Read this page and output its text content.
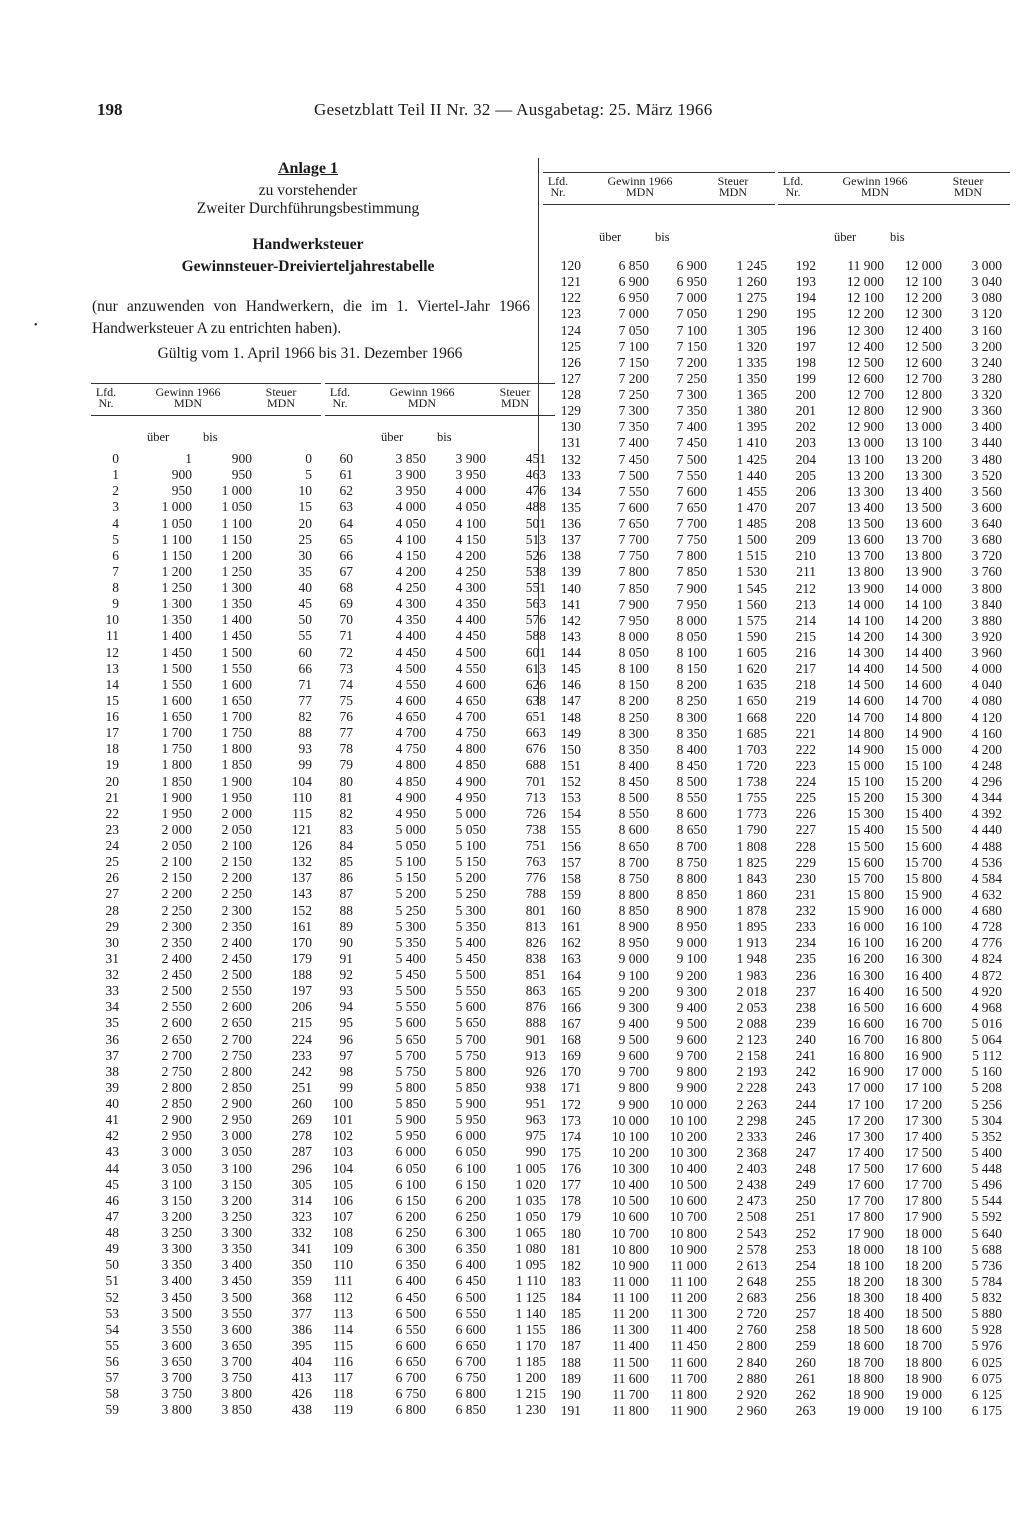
198	Gesetzblatt Teil II Nr. 32 — Ausgabetag: 25. März 1966
Anlage 1
zu vorstehender
Zweiter Durchführungsbestimmung
Handwerksteuer
Gewinnsteuer-Dreivierteljahrestabelle
(nur anzuwenden von Handwerkern, die im 1. Viertel-Jahr 1966 Handwerksteuer A zu entrichten haben).
Gültig vom 1. April 1966 bis 31. Dezember 1966
•
Lfd.
Nr.
Gewinn 1966
MDN
Steuer
MDN
über	bis
0	1	900	0
1	900	950	5
2	950	1 000	10
3	1 000	1 050	15
4	1 050	1 100	20
5	1 100	1 150	25
6	1 150	1 200	30
7	1 200	1 250	35
8	1 250	1 300	40
9	1 300	1 350	45
10	1 350	1 400	50
11	1 400	1 450	55
12	1 450	1 500	60
13	1 500	1 550	66
14	1 550	1 600	71
15	1 600	1 650	77
16	1 650	1 700	82
17	1 700	1 750	88
18	1 750	1 800	93
19	1 800	1 850	99
20	1 850	1 900	104
21	1 900	1 950	110
22	1 950	2 000	115
23	2 000	2 050	121
24	2 050	2 100	126
25	2 100	2 150	132
26	2 150	2 200	137
27	2 200	2 250	143
28	2 250	2 300	152
29	2 300	2 350	161
30	2 350	2 400	170
31	2 400	2 450	179
32	2 450	2 500	188
33	2 500	2 550	197
34	2 550	2 600	206
35	2 600	2 650	215
36	2 650	2 700	224
37	2 700	2 750	233
38	2 750	2 800	242
39	2 800	2 850	251
40	2 850	2 900	260
41	2 900	2 950	269
42	2 950	3 000	278
43	3 000	3 050	287
44	3 050	3 100	296
45	3 100	3 150	305
46	3 150	3 200	314
47	3 200	3 250	323
48	3 250	3 300	332
49	3 300	3 350	341
50	3 350	3 400	350
51	3 400	3 450	359
52	3 450	3 500	368
53	3 500	3 550	377
54	3 550	3 600	386
55	3 600	3 650	395
56	3 650	3 700	404
57	3 700	3 750	413
58	3 750	3 800	426
59	3 800	3 850	438
Lfd.
Nr.
Gewinn 1966
MDN
Steuer
MDN
über	bis
60	3 850	3 900	451
61	3 900	3 950	463
62	3 950	4 000	476
63	4 000	4 050	488
64	4 050	4 100	501
65	4 100	4 150	513
66	4 150	4 200	526
67	4 200	4 250	538
68	4 250	4 300	551
69	4 300	4 350	563
70	4 350	4 400	576
71	4 400	4 450	588
72	4 450	4 500	601
73	4 500	4 550	613
74	4 550	4 600	626
75	4 600	4 650	638
76	4 650	4 700	651
77	4 700	4 750	663
78	4 750	4 800	676
79	4 800	4 850	688
80	4 850	4 900	701
81	4 900	4 950	713
82	4 950	5 000	726
83	5 000	5 050	738
84	5 050	5 100	751
85	5 100	5 150	763
86	5 150	5 200	776
87	5 200	5 250	788
88	5 250	5 300	801
89	5 300	5 350	813
90	5 350	5 400	826
91	5 400	5 450	838
92	5 450	5 500	851
93	5 500	5 550	863
94	5 550	5 600	876
95	5 600	5 650	888
96	5 650	5 700	901
97	5 700	5 750	913
98	5 750	5 800	926
99	5 800	5 850	938
100	5 850	5 900	951
101	5 900	5 950	963
102	5 950	6 000	975
103	6 000	6 050	990
104	6 050	6 100	1 005
105	6 100	6 150	1 020
106	6 150	6 200	1 035
107	6 200	6 250	1 050
108	6 250	6 300	1 065
109	6 300	6 350	1 080
110	6 350	6 400	1 095
111	6 400	6 450	1 110
112	6 450	6 500	1 125
113	6 500	6 550	1 140
114	6 550	6 600	1 155
115	6 600	6 650	1 170
116	6 650	6 700	1 185
117	6 700	6 750	1 200
118	6 750	6 800	1 215
119	6 800	6 850	1 230
Lfd.
Nr.
Gewinn 1966
MDN
Steuer
MDN
über	bis
120	6 850	6 900	1 245
121	6 900	6 950	1 260
122	6 950	7 000	1 275
123	7 000	7 050	1 290
124	7 050	7 100	1 305
125	7 100	7 150	1 320
126	7 150	7 200	1 335
127	7 200	7 250	1 350
128	7 250	7 300	1 365
129	7 300	7 350	1 380
130	7 350	7 400	1 395
131	7 400	7 450	1 410
132	7 450	7 500	1 425
133	7 500	7 550	1 440
134	7 550	7 600	1 455
135	7 600	7 650	1 470
136	7 650	7 700	1 485
137	7 700	7 750	1 500
138	7 750	7 800	1 515
139	7 800	7 850	1 530
140	7 850	7 900	1 545
141	7 900	7 950	1 560
142	7 950	8 000	1 575
143	8 000	8 050	1 590
144	8 050	8 100	1 605
145	8 100	8 150	1 620
146	8 150	8 200	1 635
147	8 200	8 250	1 650
148	8 250	8 300	1 668
149	8 300	8 350	1 685
150	8 350	8 400	1 703
151	8 400	8 450	1 720
152	8 450	8 500	1 738
153	8 500	8 550	1 755
154	8 550	8 600	1 773
155	8 600	8 650	1 790
156	8 650	8 700	1 808
157	8 700	8 750	1 825
158	8 750	8 800	1 843
159	8 800	8 850	1 860
160	8 850	8 900	1 878
161	8 900	8 950	1 895
162	8 950	9 000	1 913
163	9 000	9 100	1 948
164	9 100	9 200	1 983
165	9 200	9 300	2 018
166	9 300	9 400	2 053
167	9 400	9 500	2 088
168	9 500	9 600	2 123
169	9 600	9 700	2 158
170	9 700	9 800	2 193
171	9 800	9 900	2 228
172	9 900	10 000	2 263
173	10 000	10 100	2 298
174	10 100	10 200	2 333
175	10 200	10 300	2 368
176	10 300	10 400	2 403
177	10 400	10 500	2 438
178	10 500	10 600	2 473
179	10 600	10 700	2 508
180	10 700	10 800	2 543
181	10 800	10 900	2 578
182	10 900	11 000	2 613
183	11 000	11 100	2 648
184	11 100	11 200	2 683
185	11 200	11 300	2 720
186	11 300	11 400	2 760
187	11 400	11 450	2 800
188	11 500	11 600	2 840
189	11 600	11 700	2 880
190	11 700	11 800	2 920
191	11 800	11 900	2 960
Lfd.
Nr.
Gewinn 1966
MDN
Steuer
MDN
über	bis
192	11 900	12 000	3 000
193	12 000	12 100	3 040
194	12 100	12 200	3 080
195	12 200	12 300	3 120
196	12 300	12 400	3 160
197	12 400	12 500	3 200
198	12 500	12 600	3 240
199	12 600	12 700	3 280
200	12 700	12 800	3 320
201	12 800	12 900	3 360
202	12 900	13 000	3 400
203	13 000	13 100	3 440
204	13 100	13 200	3 480
205	13 200	13 300	3 520
206	13 300	13 400	3 560
207	13 400	13 500	3 600
208	13 500	13 600	3 640
209	13 600	13 700	3 680
210	13 700	13 800	3 720
211	13 800	13 900	3 760
212	13 900	14 000	3 800
213	14 000	14 100	3 840
214	14 100	14 200	3 880
215	14 200	14 300	3 920
216	14 300	14 400	3 960
217	14 400	14 500	4 000
218	14 500	14 600	4 040
219	14 600	14 700	4 080
220	14 700	14 800	4 120
221	14 800	14 900	4 160
222	14 900	15 000	4 200
223	15 000	15 100	4 248
224	15 100	15 200	4 296
225	15 200	15 300	4 344
226	15 300	15 400	4 392
227	15 400	15 500	4 440
228	15 500	15 600	4 488
229	15 600	15 700	4 536
230	15 700	15 800	4 584
231	15 800	15 900	4 632
232	15 900	16 000	4 680
233	16 000	16 100	4 728
234	16 100	16 200	4 776
235	16 200	16 300	4 824
236	16 300	16 400	4 872
237	16 400	16 500	4 920
238	16 500	16 600	4 968
239	16 600	16 700	5 016
240	16 700	16 800	5 064
241	16 800	16 900	5 112
242	16 900	17 000	5 160
243	17 000	17 100	5 208
244	17 100	17 200	5 256
245	17 200	17 300	5 304
246	17 300	17 400	5 352
247	17 400	17 500	5 400
248	17 500	17 600	5 448
249	17 600	17 700	5 496
250	17 700	17 800	5 544
251	17 800	17 900	5 592
252	17 900	18 000	5 640
253	18 000	18 100	5 688
254	18 100	18 200	5 736
255	18 200	18 300	5 784
256	18 300	18 400	5 832
257	18 400	18 500	5 880
258	18 500	18 600	5 928
259	18 600	18 700	5 976
260	18 700	18 800	6 025
261	18 800	18 900	6 075
262	18 900	19 000	6 125
263	19 000	19 100	6 175
